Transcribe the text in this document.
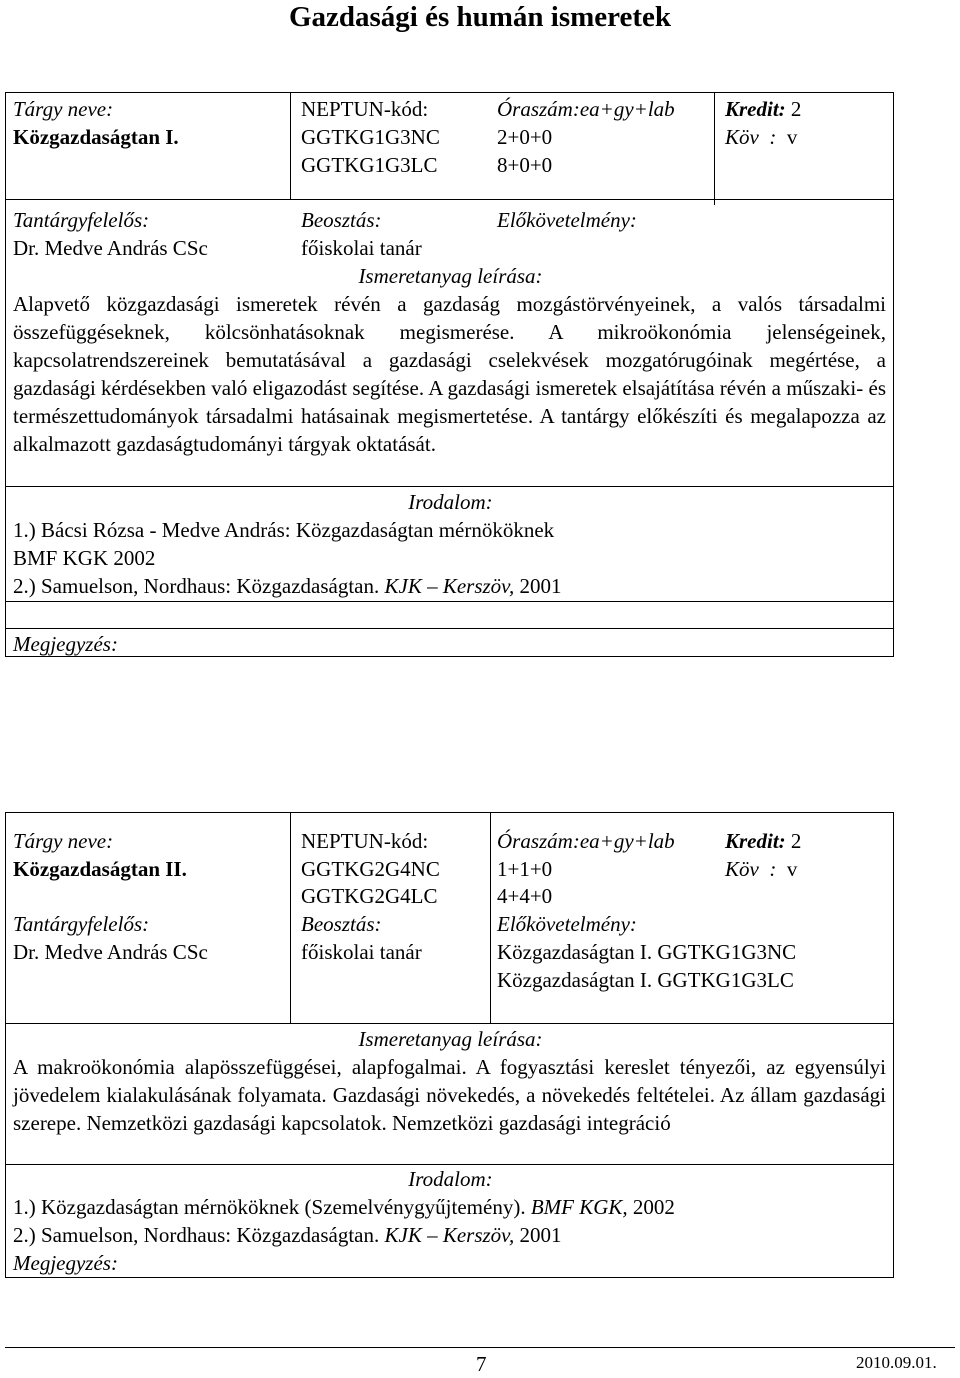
Gazdasági és humán ismeretek
Tárgy neve:
Közgazdaságtan I.
NEPTUN-kód:
GGTKG1G3NC
GGTKG1G3LC
Óraszám:ea+gy+lab
2+0+0
8+0+0
Kredit: 2
Köv : v
Tantárgyfelelős:
Dr. Medve András CSc
Beosztás:
főiskolai tanár
Előkövetelmény:
Ismeretanyag leírása:
Alapvető közgazdasági ismeretek révén a gazdaság mozgástörvényeinek, a valós társadalmi összefüggéseknek, kölcsönhatásoknak megismerése. A mikroökonómia jelenségeinek, kapcsolatrendszereinek bemutatásával a gazdasági cselekvések mozgatórugóinak megértése, a gazdasági kérdésekben való eligazodást segítése. A gazdasági ismeretek elsajátítása révén a műszaki- és természettudományok társadalmi hatásainak megismertetése. A tantárgy előkészíti és megalapozza az alkalmazott gazdaságtudományi tárgyak oktatását.
Irodalom:
1.) Bácsi Rózsa - Medve András: Közgazdaságtan mérnököknek
BMF KGK 2002
2.) Samuelson, Nordhaus: Közgazdaságtan. KJK – Kerszöv, 2001
Megjegyzés:
Tárgy neve:
Közgazdaságtan II.
Tantárgyfelelős:
Dr. Medve András CSc
NEPTUN-kód:
GGTKG2G4NC
GGTKG2G4LC
Beosztás:
főiskolai tanár
Óraszám:ea+gy+lab
1+1+0
4+4+0
Előkövetelmény:
Közgazdaságtan I. GGTKG1G3NC
Közgazdaságtan I. GGTKG1G3LC
Kredit: 2
Köv : v
Ismeretanyag leírása:
A makroökonómia alapösszefüggései, alapfogalmai. A fogyasztási kereslet tényezői, az egyensúlyi jövedelem kialakulásának folyamata. Gazdasági növekedés, a növekedés feltételei. Az állam gazdasági szerepe. Nemzetközi gazdasági kapcsolatok. Nemzetközi gazdasági integráció
Irodalom:
1.) Közgazdaságtan mérnököknek (Szemelvénygyűjtemény). BMF KGK, 2002
2.) Samuelson, Nordhaus: Közgazdaságtan. KJK – Kerszöv, 2001
Megjegyzés:
7	2010.09.01.
